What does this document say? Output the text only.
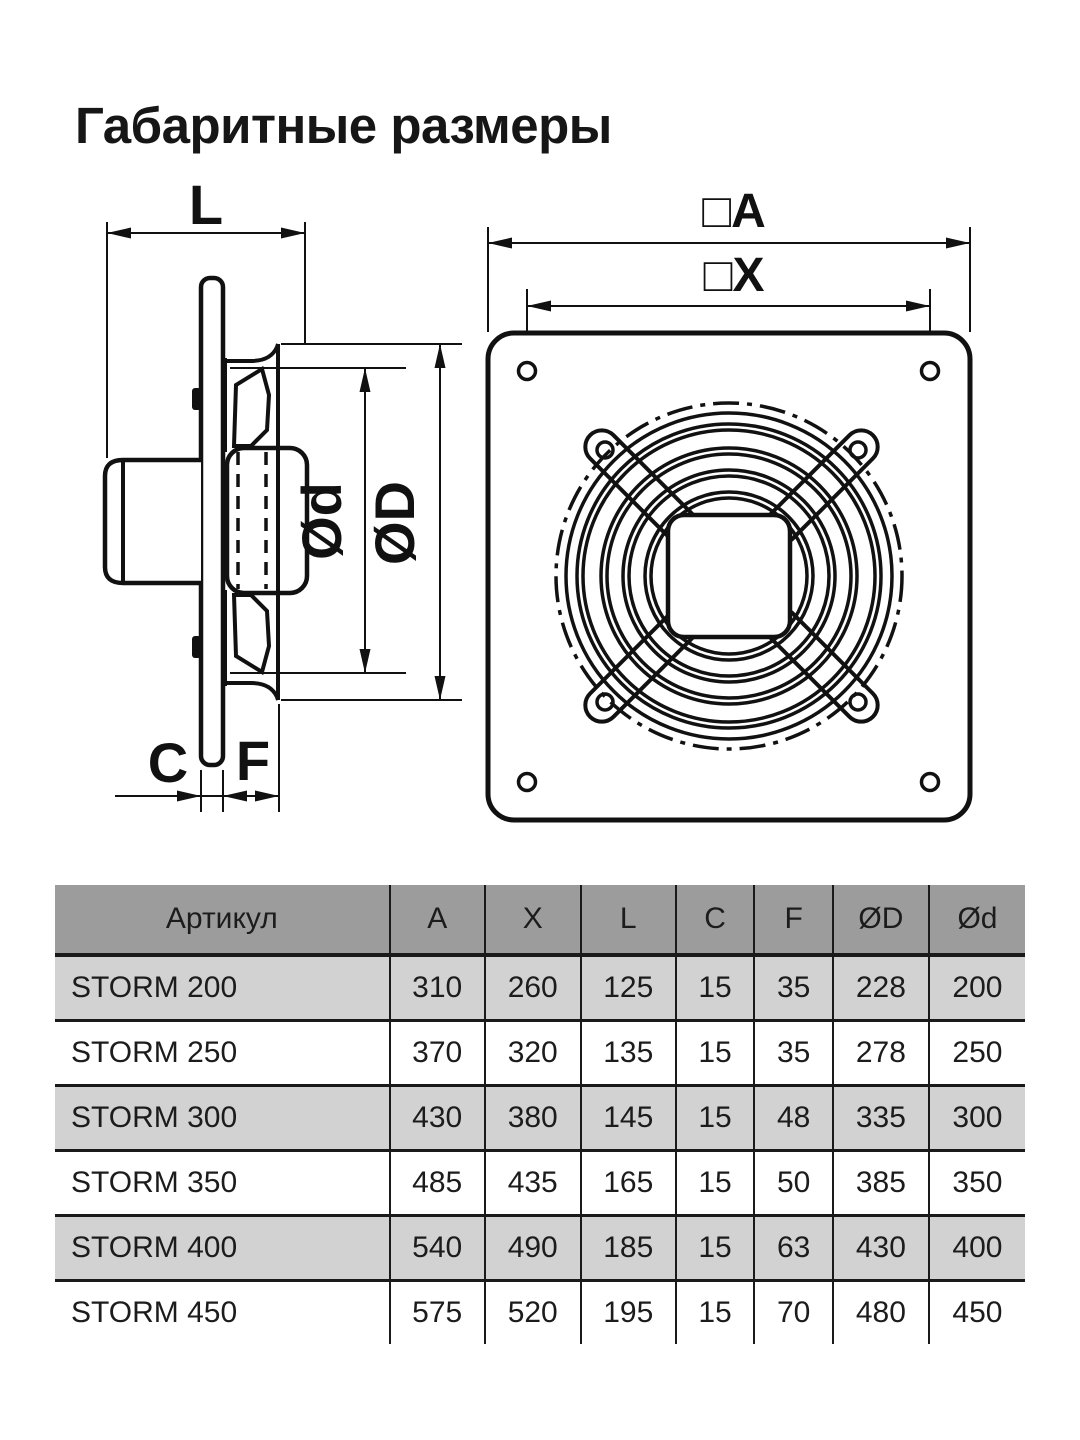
Габаритные размеры
L
Ød ØD
C F
□A
□X
Артикул	A	X	L	C	F	ØD	Ød
STORM 200	310	260	125	15	35	228	200
STORM 250	370	320	135	15	35	278	250
STORM 300	430	380	145	15	48	335	300
STORM 350	485	435	165	15	50	385	350
STORM 400	540	490	185	15	63	430	400
STORM 450	575	520	195	15	70	480	450
